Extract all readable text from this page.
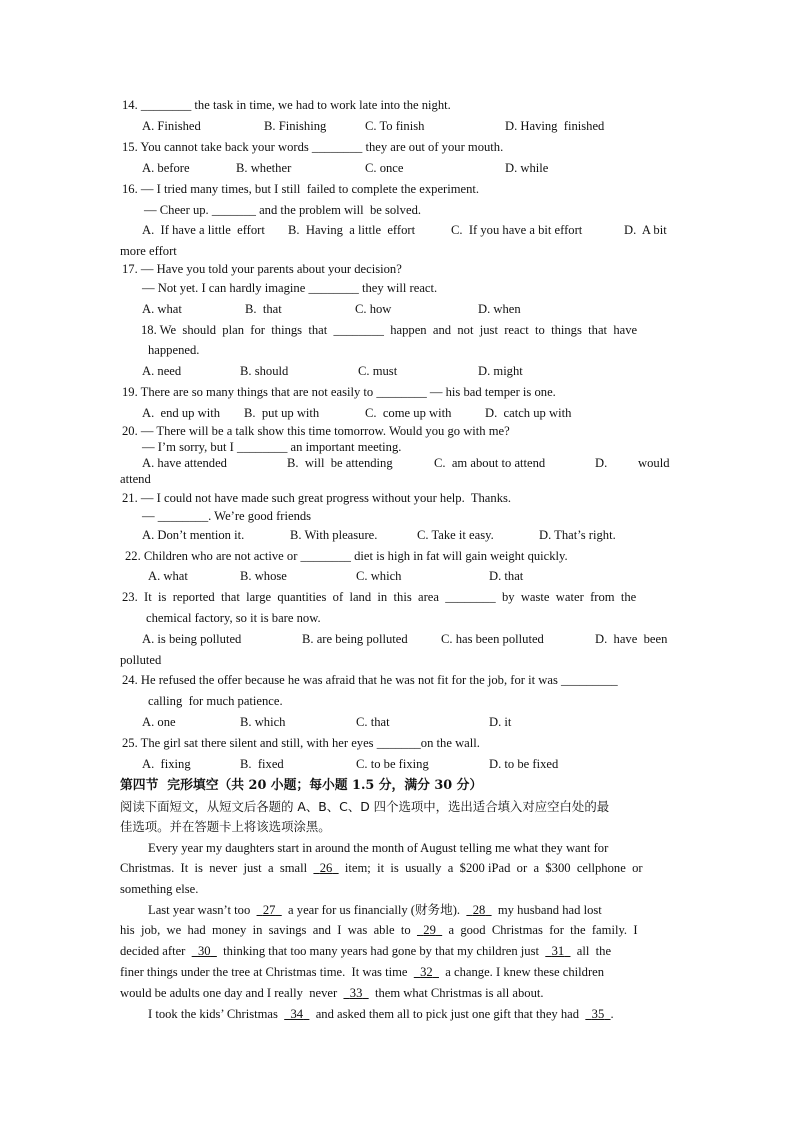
14. ________ the task in time, we had to work late into the night.
A. Finished	B. Finishing	C. To finish	D. Having  finished
15. You cannot take back your words ________ they are out of your mouth.
A. before	B. whether	C. once	D. while
16. — I tried many times, but I still  failed to complete the experiment.
— Cheer up. _______ and the problem will  be solved.
A.  If have a little  effort B.  Having  a little  effort	C.  If you have a bit effort	D.  A bit
more effort
17. — Have you told your parents about your decision?
— Not yet. I can hardly imagine ________ they will react.
A. what	B.  that	C. how	D. when
18. We  should  plan  for  things  that  ________  happen  and  not  just  react  to  things  that  have
happened.
A. need	B. should	C. must	D. might
19. There are so many things that are not easily to ________ — his bad temper is one.
A.  end up with B.  put up with	C.  come up with	D.  catch up with
20. — There will be a talk show this time tomorrow. Would you go with me?
— I’m sorry, but I ________ an important meeting.
A. have attended	B.  will  be attending	C.  am about to attend	D. would
attend
21. — I could not have made such great progress without your help.  Thanks.
— ________. We’re good friends
A. Don’t mention it.	B. With pleasure.	C. Take it easy.	D. That’s right.
22. Children who are not active or ________ diet is high in fat will gain weight quickly.
A. what	B. whose	C. which	D. that
23.  It  is  reported  that  large  quantities  of  land  in  this  area  ________  by  waste  water  from  the
chemical factory, so it is bare now.
A. is being polluted	B. are being polluted	C. has been polluted	D.  have  been
polluted
24. He refused the offer because he was afraid that he was not fit for the job, for it was _________
calling  for much patience.
A. one	B. which	C. that	D. it
25. The girl sat there silent and still, with her eyes _______on the wall.
A.  fixing	B.  fixed	C. to be fixing	D. to be fixed
第四节  完形填空（共 20 小题；每小题 1.5 分，满分 30 分）
阅读下面短文，从短文后各题的 A、B、C、D 四个选项中，选出适合填入对应空白处的最
佳选项。并在答题卡上将该选项涂黑。
Every year my daughters start in around the month of August telling me what they want for
Christmas.  It  is  never  just  a  small 26 item;  it  is  usually  a  $200 iPad  or  a  $300  cellphone  or
something else.
Last year wasn’t too 27 a year for us financially (财务地). 28 my husband had lost
his  job,  we  had  money  in  savings  and  I  was  able  to 29 a  good  Christmas  for  the  family.  I
decided after 30 thinking that too many years had gone by that my children just 31 all  the
finer things under the tree at Christmas time.  It was time 32 a change. I knew these children
would be adults one day and I really  never 33 them what Christmas is all about.
I took the kids’ Christmas 34 and asked them all to pick just one gift that they had 35 .
